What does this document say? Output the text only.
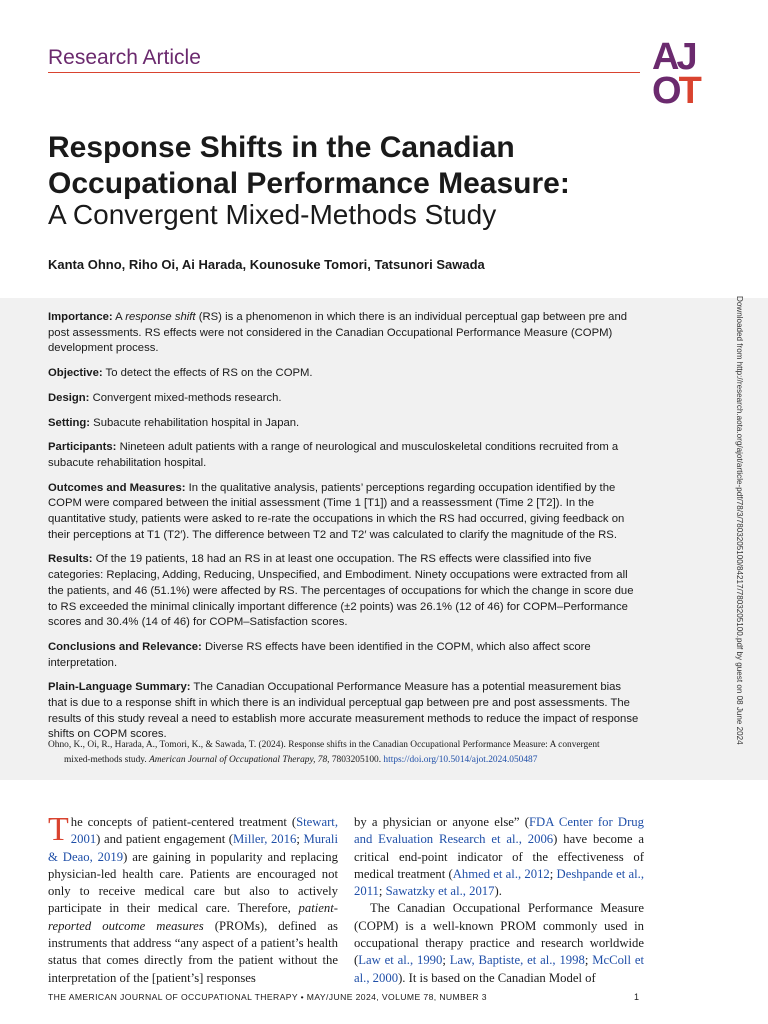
Research Article	AJ
OT
Response Shifts in the Canadian Occupational Performance Measure:
A Convergent Mixed-Methods Study
Kanta Ohno, Riho Oi, Ai Harada, Kounosuke Tomori, Tatsunori Sawada

Importance: A response shift (RS) is a phenomenon in which there is an individual perceptual gap between pre and post assessments. RS effects were not considered in the Canadian Occupational Performance Measure (COPM) development process.

Objective: To detect the effects of RS on the COPM.

Design: Convergent mixed-methods research.

Setting: Subacute rehabilitation hospital in Japan.

Participants: Nineteen adult patients with a range of neurological and musculoskeletal conditions recruited from a subacute rehabilitation hospital.

Outcomes and Measures: In the qualitative analysis, patients’ perceptions regarding occupation identified by the COPM were compared between the initial assessment (Time 1 [T1]) and a reassessment (Time 2 [T2]). In the quantitative study, patients were asked to re-rate the occupations in which the RS had occurred, giving feedback on their perceptions at T1 (T2′). The difference between T2 and T2′ was calculated to clarify the magnitude of the RS.

Results: Of the 19 patients, 18 had an RS in at least one occupation. The RS effects were classified into five categories: Replacing, Adding, Reducing, Unspecified, and Embodiment. Ninety occupations were extracted from all the patients, and 46 (51.1%) were affected by RS. The percentages of occupations for which the change in score due to RS exceeded the minimal clinically important difference (±2 points) was 26.1% (12 of 46) for COPM–Performance scores and 30.4% (14 of 46) for COPM–Satisfaction scores.

Conclusions and Relevance: Diverse RS effects have been identified in the COPM, which also affect score interpretation.

Plain-Language Summary: The Canadian Occupational Performance Measure has a potential measurement bias that is due to a response shift in which there is an individual perceptual gap between pre and post assessments. The results of this study reveal a need to establish more accurate measurement methods to reduce the impact of response shifts on COPM scores.

Ohno, K., Oi, R., Harada, A., Tomori, K., & Sawada, T. (2024). Response shifts in the Canadian Occupational Performance Measure: A convergent
mixed-methods study. American Journal of Occupational Therapy, 78, 7803205100. https://doi.org/10.5014/ajot.2024.050487
Downloaded from http://research.aota.org/ajot/article-pdf/78/3/7803205100/84217/7803205100.pdf by guest on 08 June 2024

The concepts of patient-centered treatment (Stewart, 2001) and patient engagement (Miller, 2016; Murali & Deao, 2019) are gaining in popularity and replacing physician-led health care. Patients are encouraged not only to receive medical care but also to actively participate in their medical care. Therefore, patient-reported outcome measures (PROMs), defined as instruments that address “any aspect of a patient’s health status that comes directly from the patient without the interpretation of the [patient’s] responses

by a physician or anyone else” (FDA Center for Drug and Evaluation Research et al., 2006) have become a critical end-point indicator of the effectiveness of medical treatment (Ahmed et al., 2012; Deshpande et al., 2011; Sawatzky et al., 2017).

The Canadian Occupational Performance Measure (COPM) is a well-known PROM commonly used in occupational therapy practice and research worldwide (Law et al., 1990; Law, Baptiste, et al., 1998; McColl et al., 2000). It is based on the Canadian Model of

THE AMERICAN JOURNAL OF OCCUPATIONAL THERAPY • MAY/JUNE 2024, VOLUME 78, NUMBER 3	1
